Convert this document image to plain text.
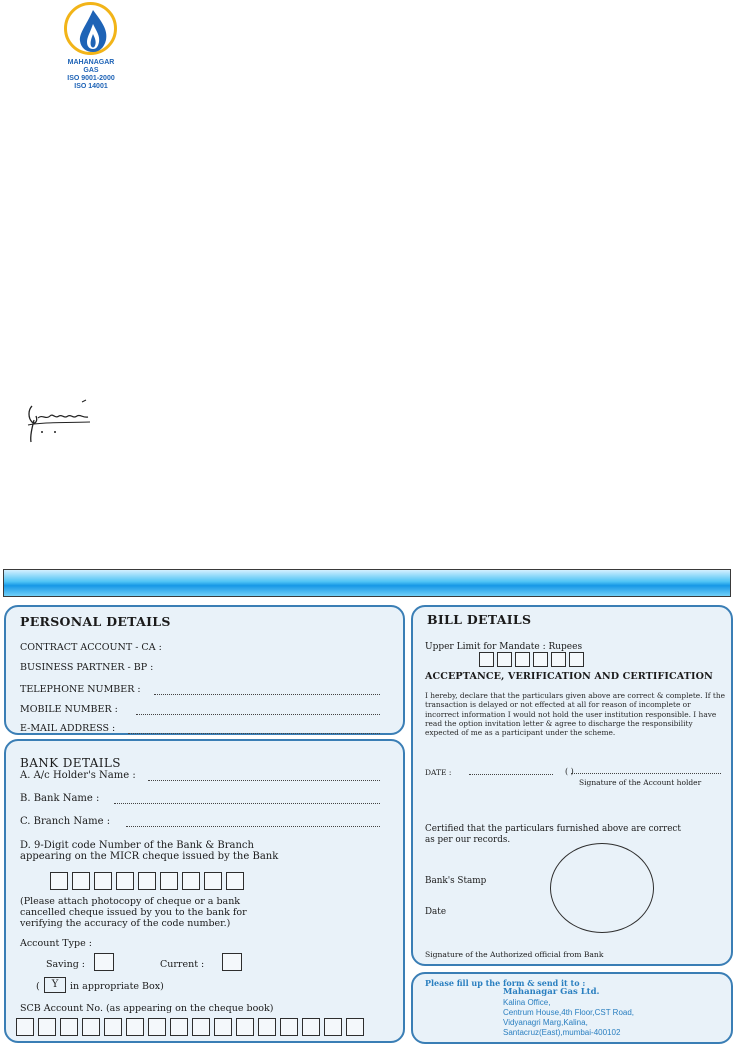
MAHANAGAR
GAS
ISO 9001-2000
ISO 14001
PERSONAL DETAILS
CONTRACT ACCOUNT - CA :
BUSINESS PARTNER - BP :
TELEPHONE NUMBER :
MOBILE NUMBER :
E-MAIL ADDRESS :
BANK DETAILS
A. A/c Holder's Name :
B. Bank Name :
C. Branch Name :
D. 9-Digit code Number of the Bank & Branch
appearing on the MICR cheque issued by the Bank
(Please attach photocopy of cheque or a bank
cancelled cheque issued by you to the bank for
verifying the accuracy of the code number.)
Account Type :
Saving :	Current :
(	Y	in appropriate Box)
SCB Account No. (as appearing on the cheque book)
BILL DETAILS
Upper Limit for Mandate : Rupees
ACCEPTANCE, VERIFICATION AND CERTIFICATION
I hereby, declare that the particulars given above are correct & complete. If the transaction is delayed or not effected at all for reason of incomplete or incorrect information I would not hold the user institution responsible. I have read the option invitation letter & agree to discharge the responsibility expected of me as a participant under the scheme.
DATE :	( )
Signature of the Account holder
Certified that the particulars furnished above are correct
as per our records.
Bank's Stamp
Date
Signature of the Authorized official from Bank
Please fill up the form & send it to :
Mahanagar Gas Ltd.
Kalina Office,
Centrum House,4th Floor,CST Road,
Vidyanagri Marg,Kalina,
Santacruz(East),mumbai-400102
